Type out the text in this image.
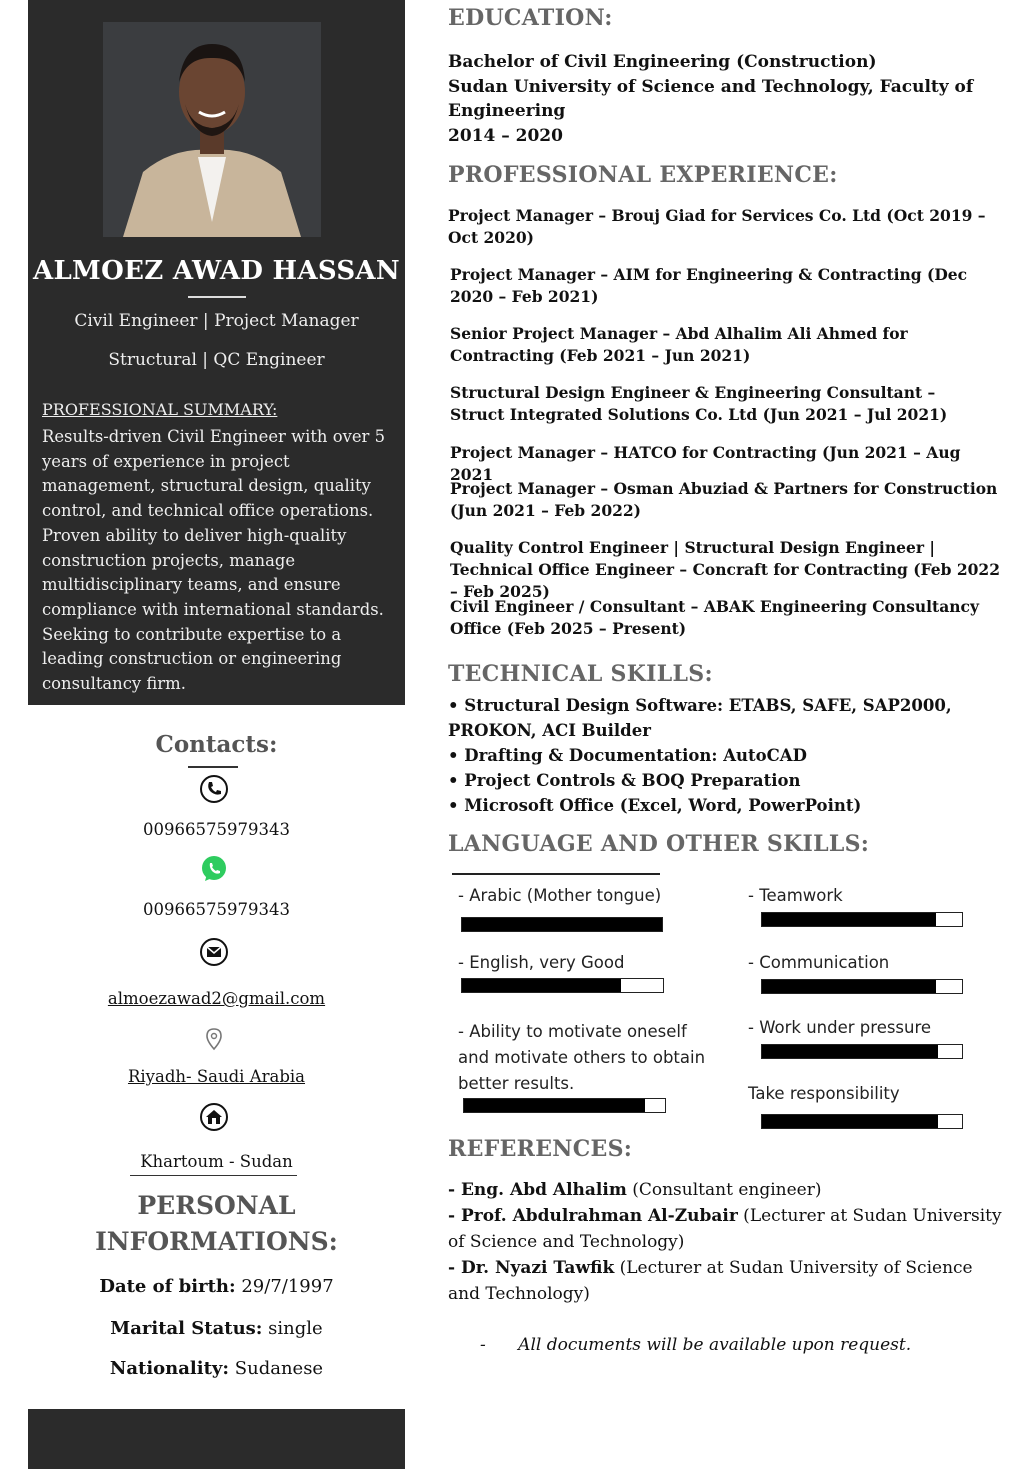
ALMOEZ AWAD HASSAN
Civil Engineer | Project Manager
Structural | QC Engineer
PROFESSIONAL SUMMARY:
Results-driven Civil Engineer with over 5 years of experience in project management, structural design, quality control, and technical office operations. Proven ability to deliver high-quality construction projects, manage multidisciplinary teams, and ensure compliance with international standards. Seeking to contribute expertise to a leading construction or engineering consultancy firm.
Contacts:
00966575979343
00966575979343
almoezawad2@gmail.com
Riyadh- Saudi Arabia
Khartoum - Sudan
PERSONAL INFORMATIONS:
Date of birth: 29/7/1997
Marital Status: single
Nationality: Sudanese
EDUCATION:
Bachelor of Civil Engineering (Construction)
Sudan University of Science and Technology, Faculty of Engineering
2014 – 2020
PROFESSIONAL EXPERIENCE:
Project Manager – Brouj Giad for Services Co. Ltd (Oct 2019 – Oct 2020)
Project Manager – AIM for Engineering & Contracting (Dec 2020 – Feb 2021)
Senior Project Manager – Abd Alhalim Ali Ahmed for Contracting (Feb 2021 – Jun 2021)
Structural Design Engineer & Engineering Consultant – Struct Integrated Solutions Co. Ltd (Jun 2021 – Jul 2021)
Project Manager – HATCO for Contracting (Jun 2021 – Aug 2021
Project Manager – Osman Abuziad & Partners for Construction (Jun 2021 – Feb 2022)
Quality Control Engineer | Structural Design Engineer | Technical Office Engineer – Concraft for Contracting (Feb 2022 – Feb 2025)
Civil Engineer / Consultant – ABAK Engineering Consultancy Office (Feb 2025 – Present)
TECHNICAL SKILLS:
• Structural Design Software: ETABS, SAFE, SAP2000, PROKON, ACI Builder
• Drafting & Documentation: AutoCAD
• Project Controls & BOQ Preparation
• Microsoft Office (Excel, Word, PowerPoint)
LANGUAGE AND OTHER SKILLS:
- Arabic (Mother tongue)
- English, very Good
- Ability to motivate oneself and motivate others to obtain better results.
- Teamwork
- Communication
- Work under pressure
Take responsibility
REFERENCES:
- Eng. Abd Alhalim (Consultant engineer)
- Prof. Abdulrahman Al-Zubair (Lecturer at Sudan University of Science and Technology)
- Dr. Nyazi Tawfik (Lecturer at Sudan University of Science and Technology)
-      All documents will be available upon request.
